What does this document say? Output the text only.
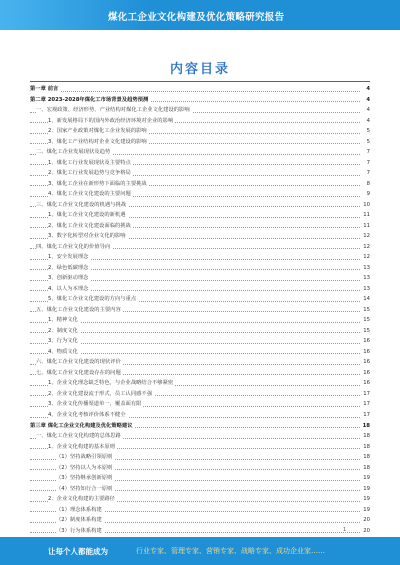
煤化工企业文化构建及优化策略研究报告
内容目录
第一章 前言	4
第二章 2023-2028年煤化工市场背景及趋势预测	4
一、宏观政策、经济形势、产业结构对煤化工企业文化建设的影响	4
1、新发展格局下的国内外政治经济环境对企业的影响	4
2、国家产业政策对煤化工企业发展的影响	5
3、煤化工产业结构对企业文化建设的影响	5
二、煤化工企业发展现状及趋势	7
1、煤化工行业发展现状及主要特点	7
2、煤化工行业发展趋势与竞争格局	7
3、煤化工企业在新形势下面临的主要挑战	8
4、煤化工企业文化建设的主要问题	9
三、煤化工企业文化建设的机遇与挑战	10
1、煤化工企业文化建设的新机遇	11
2、煤化工企业文化建设面临的挑战	11
3、数字化转型对企业文化的影响	12
四、煤化工企业文化的价值导向	12
1、安全发展理念	12
2、绿色低碳理念	13
3、创新驱动理念	13
4、以人为本理念	13
5、煤化工企业文化建设的方向与重点	14
五、煤化工企业文化建设的主要内容	15
1、精神文化	15
2、制度文化	15
3、行为文化	16
4、物质文化	16
六、煤化工企业文化建设的现状评价	16
七、煤化工企业文化建设存在的问题	16
1、企业文化理念缺乏特色，与企业战略结合不够紧密	16
2、企业文化建设流于形式，员工认同感不强	17
3、企业文化传播渠道单一，覆盖面有限	17
4、企业文化考核评价体系不健全	17
第三章 煤化工企业文化构建及优化策略建议	18
一、煤化工企业文化构建的总体思路	18
1、企业文化构建的基本原则	18
（1）坚持战略引领原则	18
（2）坚持以人为本原则	18
（3）坚持继承创新原则	19
（4）坚持知行合一原则	19
2、企业文化构建的主要路径	19
（1）理念体系构建	19
（2）制度体系构建	20
（3）行为体系构建	20
1
让每个人都能成为	行业专家、管理专家、营销专家、战略专家、成功企业家……
